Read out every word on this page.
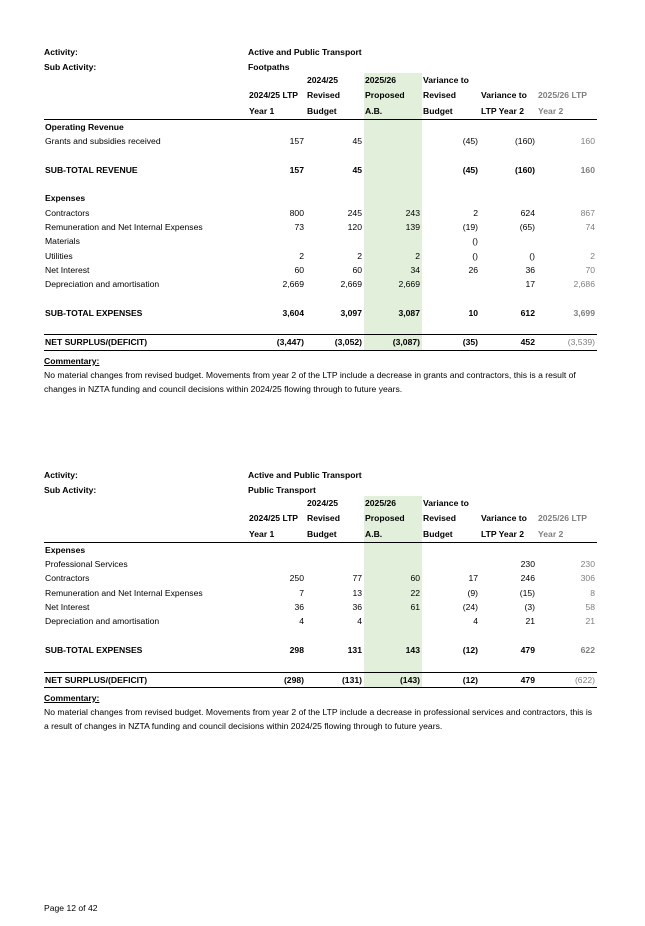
Activity:	Active and Public Transport
Sub Activity:	Footpaths
		2024/25	2025/26	Variance to		
	2024/25 LTP	Revised	Proposed	Revised	Variance to	2025/26 LTP
	Year 1	Budget	A.B.	Budget	LTP Year 2	Year 2
Operating Revenue						
Grants and subsidies received	157	45		(45)	(160)	160

SUB-TOTAL REVENUE	157	45		(45)	(160)	160

Expenses						
Contractors	800	245	243	2	624	867
Remuneration and Net Internal Expenses	73	120	139	(19)	(65)	74
Materials				()		
Utilities	2	2	2	()	()	2
Net Interest	60	60	34	26	36	70
Depreciation and amortisation	2,669	2,669	2,669		17	2,686

SUB-TOTAL EXPENSES	3,604	3,097	3,087	10	612	3,699

NET SURPLUS/(DEFICIT)	(3,447)	(3,052)	(3,087)	(35)	452	(3,539)
Commentary:
No material changes from revised budget. Movements from year 2 of the LTP include a decrease in grants and contractors, this is a result of changes in NZTA funding and council decisions within 2024/25 flowing through to future years.
Activity:	Active and Public Transport
Sub Activity:	Public Transport
		2024/25	2025/26	Variance to		
	2024/25 LTP	Revised	Proposed	Revised	Variance to	2025/26 LTP
	Year 1	Budget	A.B.	Budget	LTP Year 2	Year 2
Expenses						
Professional Services					230	230
Contractors	250	77	60	17	246	306
Remuneration and Net Internal Expenses	7	13	22	(9)	(15)	8
Net Interest	36	36	61	(24)	(3)	58
Depreciation and amortisation	4	4		4	21	21

SUB-TOTAL EXPENSES	298	131	143	(12)	479	622

NET SURPLUS/(DEFICIT)	(298)	(131)	(143)	(12)	479	(622)
Commentary:
No material changes from revised budget. Movements from year 2 of the LTP include a decrease in professional services and contractors, this is a result of changes in NZTA funding and council decisions within 2024/25 flowing through to future years.
Page 12 of 42
